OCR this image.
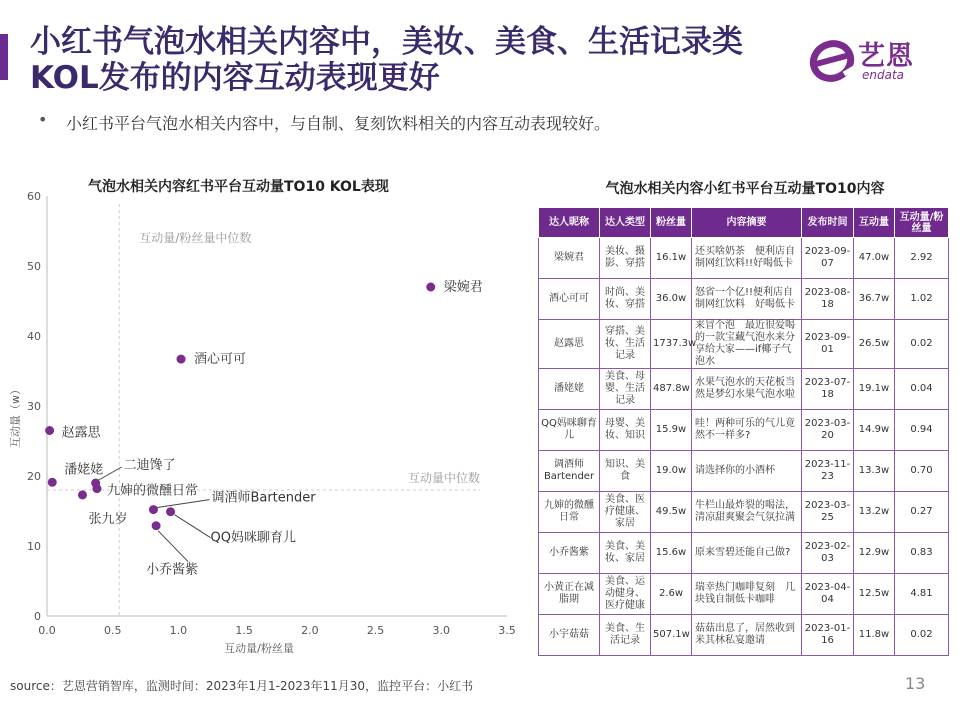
小红书气泡水相关内容中，美妆、美食、生活记录类
KOL发布的内容互动表现更好
艺恩
endata
• 小红书平台气泡水相关内容中，与自制、复刻饮料相关的内容互动表现较好。
气泡水相关内容红书平台互动量TO10 KOL表现
0.0	0.5	1.0	1.5	2.0	2.5	3.0	3.5
0
10
20
30
40
50
60
互动量/粉丝量
互动量（w）
互动量/粉丝量中位数
互动量中位数
梁婉君
酒心可可
赵露思
潘姥姥 二迪馋了
九婶的微醺日常
张九岁
调酒师Bartender
QQ妈咪聊育儿
小乔酱紫
气泡水相关内容小红书平台互动量TO10内容
达人昵称	达人类型	粉丝量	内容摘要	发布时间	互动量	互动量/粉丝量
梁婉君	美妆、摄影、穿搭	16.1w	还买啥奶茶　便利店自制网红饮料!!好喝低卡	2023-09-07	47.0w	2.92
酒心可可	时尚、美妆、穿搭	36.0w	怒省一个亿!!便利店自制网红饮料　好喝低卡	2023-08-18	36.7w	1.02
赵露思	穿搭、美妆、生活记录	1737.3w	来冒个泡　最近很爱喝的一款宝藏气泡水来分享给大家——if椰子气泡水	2023-09-01	26.5w	0.02
潘姥姥	美食、母婴、生活记录	487.8w	水果气泡水的天花板当然是梦幻水果气泡水啦	2023-07-18	19.1w	0.04
QQ妈咪聊育儿	母婴、美妆、知识	15.9w	哇！两种可乐的气儿竟然不一样多?	2023-03-20	14.9w	0.94
调酒师Bartender	知识、美食	19.0w	请选择你的小酒杯	2023-11-23	13.3w	0.70
九婶的微醺日常	美食、医疗健康、家居	49.5w	牛栏山最炸裂的喝法，清凉甜爽聚会气氛拉满	2023-03-25	13.2w	0.27
小乔酱紫	美食、美妆、家居	15.6w	原来雪碧还能自己做?	2023-02-03	12.9w	0.83
小黄正在减脂期	美食、运动健身、医疗健康	2.6w	瑞幸热门咖啡复刻　几块钱自制低卡咖啡	2023-04-04	12.5w	4.81
小宇菇菇	美食、生活记录	507.1w	菇菇出息了，居然收到米其林私宴邀请	2023-01-16	11.8w	0.02
source：艺恩营销智库，监测时间：2023年1月1-2023年11月30，监控平台：小红书	13
